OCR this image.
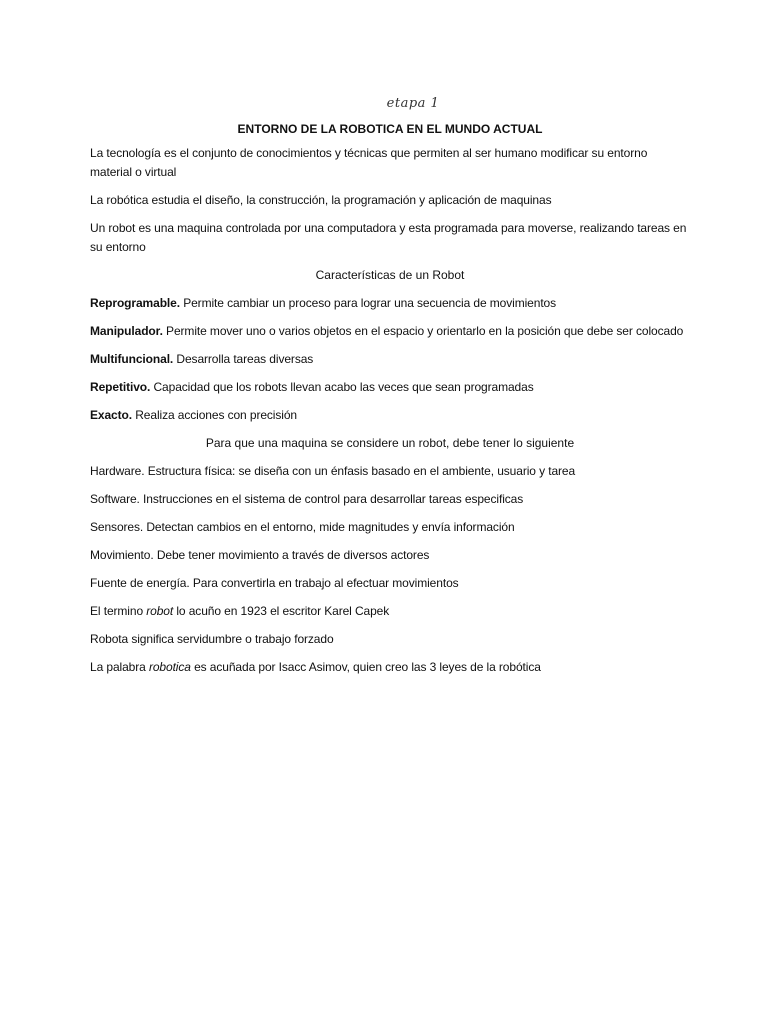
etapa 1
ENTORNO DE LA ROBOTICA EN EL MUNDO ACTUAL

La tecnología es el conjunto de conocimientos y técnicas que permiten al ser humano modificar su entorno material o virtual

La robótica estudia el diseño, la construcción, la programación y aplicación de maquinas

Un robot es una maquina controlada por una computadora y esta programada para moverse, realizando tareas en su entorno

Características de un Robot

Reprogramable. Permite cambiar un proceso para lograr una secuencia de movimientos

Manipulador. Permite mover uno o varios objetos en el espacio y orientarlo en la posición que debe ser colocado

Multifuncional. Desarrolla tareas diversas

Repetitivo. Capacidad que los robots llevan acabo las veces que sean programadas

Exacto. Realiza acciones con precisión

Para que una maquina se considere un robot, debe tener lo siguiente

Hardware. Estructura física: se diseña con un énfasis basado en el ambiente, usuario y tarea

Software. Instrucciones en el sistema de control para desarrollar tareas especificas

Sensores. Detectan cambios en el entorno, mide magnitudes y envía información

Movimiento. Debe tener movimiento a través de diversos actores

Fuente de energía. Para convertirla en trabajo al efectuar movimientos

El termino robot lo acuño en 1923 el escritor Karel Capek

Robota significa servidumbre o trabajo forzado

La palabra robotica es acuñada por Isacc Asimov, quien creo las 3 leyes de la robótica
